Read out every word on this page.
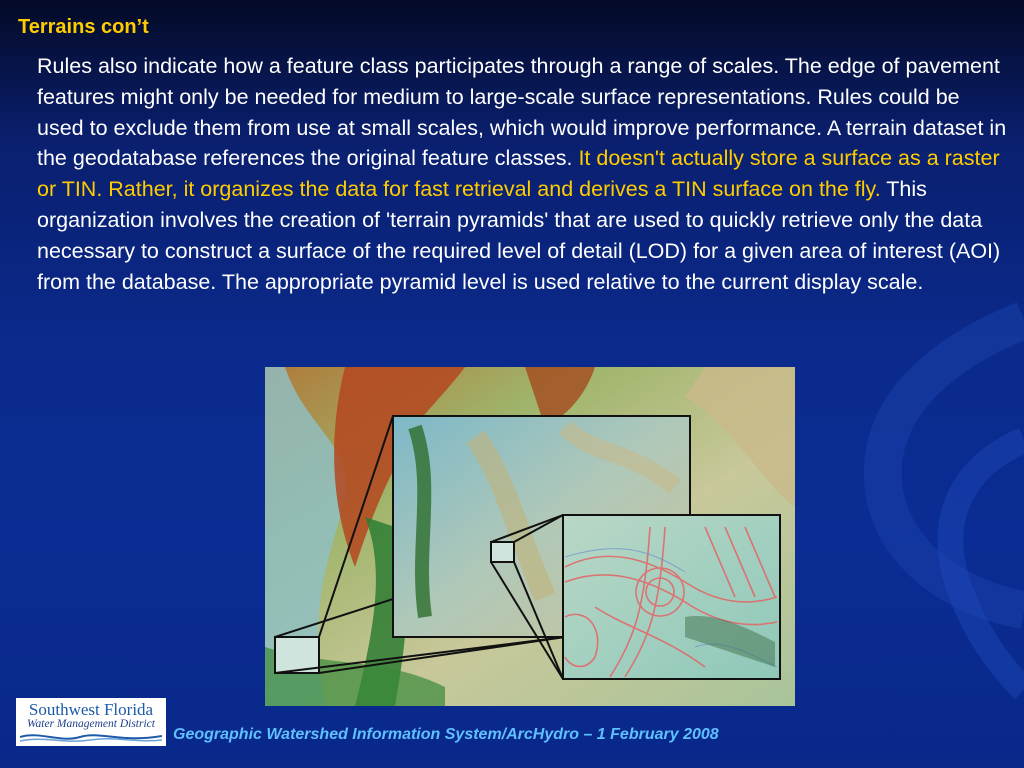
Terrains con’t
Rules also indicate how a feature class participates through a range of scales. The edge of pavement features might only be needed for medium to large-scale surface representations. Rules could be used to exclude them from use at small scales, which would improve performance. A terrain dataset in the geodatabase references the original feature classes. It doesn't actually store a surface as a raster or TIN. Rather, it organizes the data for fast retrieval and derives a TIN surface on the fly. This organization involves the creation of 'terrain pyramids' that are used to quickly retrieve only the data necessary to construct a surface of the required level of detail (LOD) for a given area of interest (AOI) from the database. The appropriate pyramid level is used relative to the current display scale.
Southwest Florida
Water Management District
Geographic Watershed Information System/ArcHydro – 1 February 2008
